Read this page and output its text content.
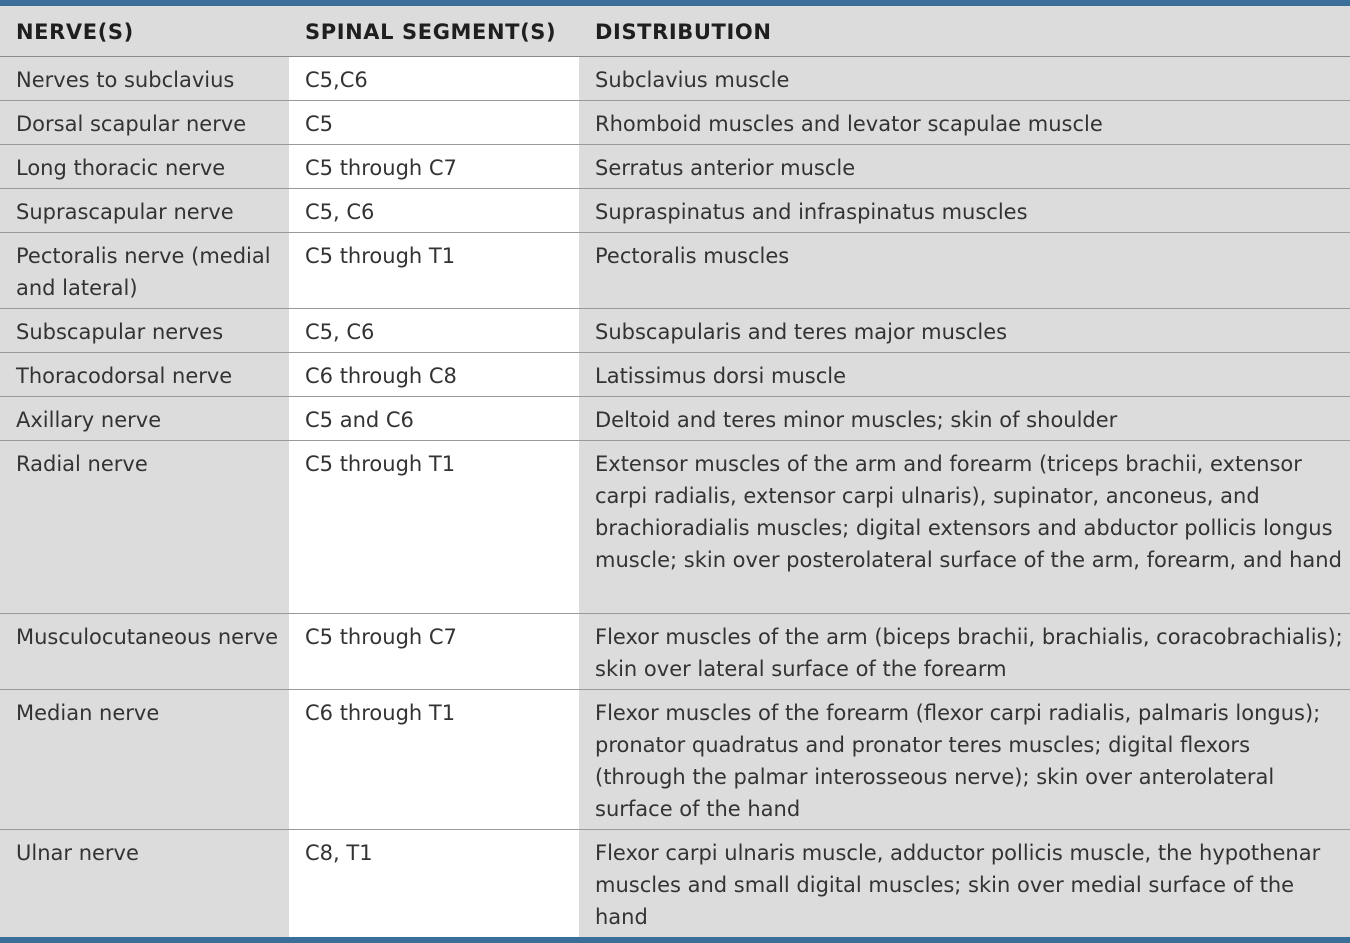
NERVE(S)	SPINAL SEGMENT(S)	DISTRIBUTION
Nerves to subclavius	C5,C6	Subclavius muscle
Dorsal scapular nerve	C5	Rhomboid muscles and levator scapulae muscle
Long thoracic nerve	C5 through C7	Serratus anterior muscle
Suprascapular nerve	C5, C6	Supraspinatus and infraspinatus muscles
Pectoralis nerve (medial and lateral)	C5 through T1	Pectoralis muscles
Subscapular nerves	C5, C6	Subscapularis and teres major muscles
Thoracodorsal nerve	C6 through C8	Latissimus dorsi muscle
Axillary nerve	C5 and C6	Deltoid and teres minor muscles; skin of shoulder
Radial nerve	C5 through T1	Extensor muscles of the arm and forearm (triceps brachii, extensor carpi radialis, extensor carpi ulnaris), supinator, anconeus, and brachioradialis muscles; digital extensors and abductor pollicis longus muscle; skin over posterolateral surface of the arm, forearm, and hand
Musculocutaneous nerve	C5 through C7	Flexor muscles of the arm (biceps brachii, brachialis, coracobrachialis); skin over lateral surface of the forearm
Median nerve	C6 through T1	Flexor muscles of the forearm (flexor carpi radialis, palmaris longus); pronator quadratus and pronator teres muscles; digital flexors (through the palmar interosseous nerve); skin over anterolateral surface of the hand
Ulnar nerve	C8, T1	Flexor carpi ulnaris muscle, adductor pollicis muscle, the hypothenar muscles and small digital muscles; skin over medial surface of the hand
